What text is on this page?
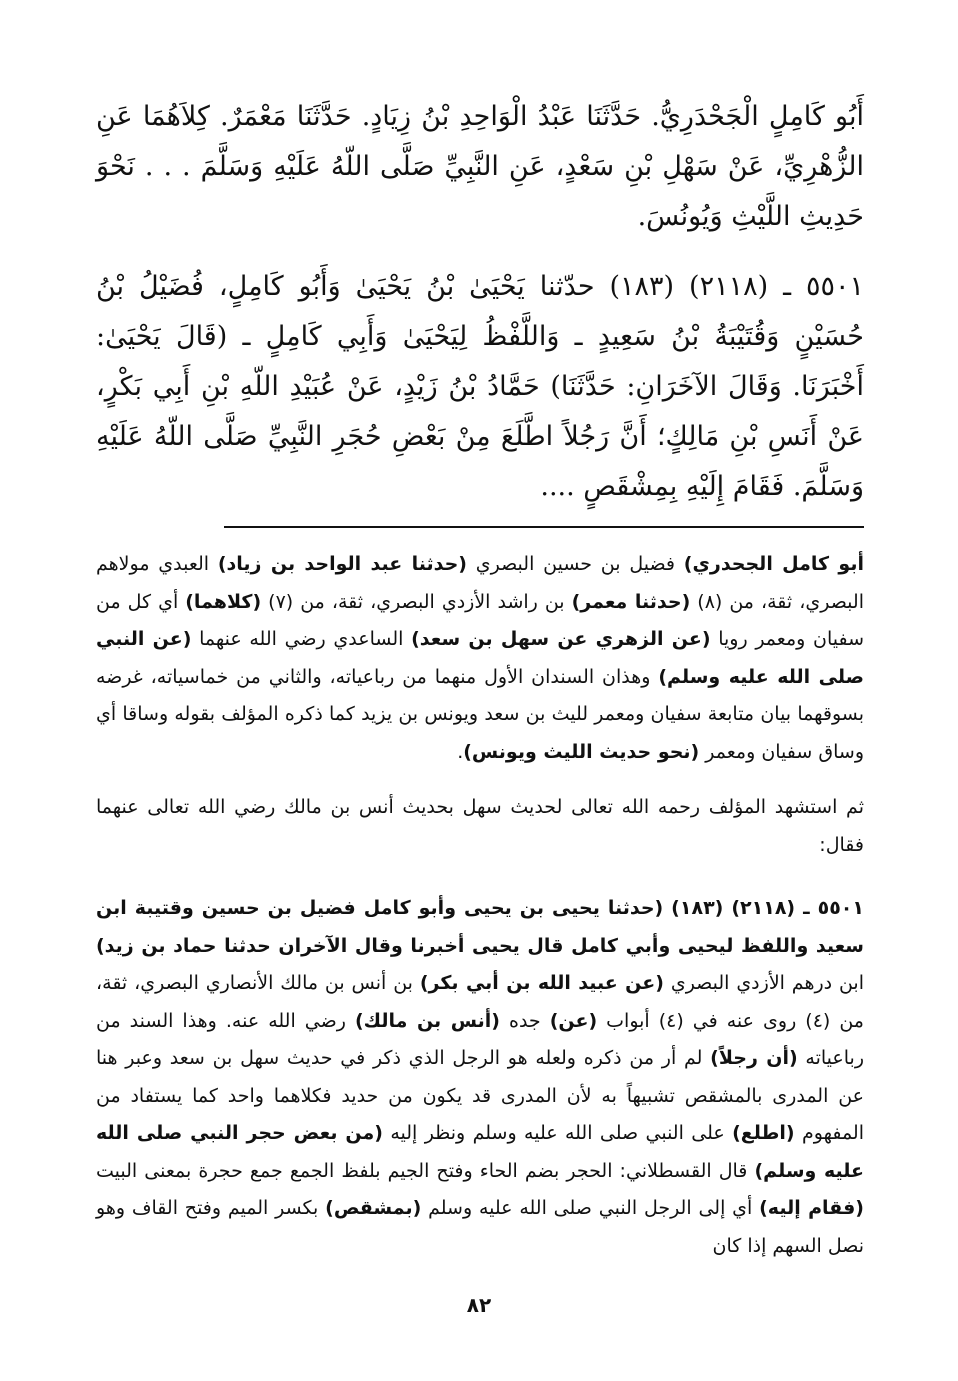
أَبُو كَامِلٍ الْجَحْدَرِيُّ. حَدَّثَنَا عَبْدُ الْوَاحِدِ بْنُ زِيَادٍ. حَدَّثَنَا مَعْمَرٌ. كِلاَهُمَا عَنِ الزُّهْرِيِّ، عَنْ سَهْلِ بْنِ سَعْدٍ، عَنِ النَّبِيِّ صَلَّى اللّهُ عَلَيْهِ وَسَلَّمَ . . . نَحْوَ حَدِيثِ اللَّيْثِ وَيُونُسَ.

٥٥٠١ ـ (٢١١٨) (١٨٣) حدّثنا يَحْيَىٰ بْنُ يَحْيَىٰ وَأَبُو كَامِلٍ، فُضَيْلُ بْنُ حُسَيْنٍ وَقُتَيْبَةُ بْنُ سَعِيدٍ ـ وَاللَّفْظُ لِيَحْيَىٰ وَأَبِي كَامِلٍ ـ (قَالَ يَحْيَىٰ: أَخْبَرَنَا. وَقَالَ الآخَرَانِ: حَدَّثَنَا) حَمَّادُ بْنُ زَيْدٍ، عَنْ عُبَيْدِ اللّهِ بْنِ أَبِي بَكْرٍ، عَنْ أَنَسِ بْنِ مَالِكٍ؛ أَنَّ رَجُلاً اطَّلَعَ مِنْ بَعْضِ حُجَرِ النَّبِيِّ صَلَّى اللّهُ عَلَيْهِ وَسَلَّمَ. فَقَامَ إِلَيْهِ بِمِشْقَصٍ ....

أبو كامل الجحدري) فضيل بن حسين البصري (حدثنا عبد الواحد بن زياد) العبدي مولاهم البصري، ثقة، من (٨) (حدثنا معمر) بن راشد الأزدي البصري، ثقة، من (٧) (كلاهما) أي كل من سفيان ومعمر رويا (عن الزهري عن سهل بن سعد) الساعدي رضي الله عنهما (عن النبي صلى الله عليه وسلم) وهذان السندان الأول منهما من رباعياته، والثاني من خماسياته، غرضه بسوقهما بيان متابعة سفيان ومعمر لليث بن سعد ويونس بن يزيد كما ذكره المؤلف بقوله وساقا أي وساق سفيان ومعمر (نحو حديث الليث ويونس).

ثم استشهد المؤلف رحمه الله تعالى لحديث سهل بحديث أنس بن مالك رضي الله تعالى عنهما فقال:

٥٥٠١ ـ (٢١١٨) (١٨٣) (حدثنا يحيى بن يحيى وأبو كامل فضيل بن حسين وقتيبة ابن سعيد واللفظ ليحيى وأبي كامل قال يحيى أخبرنا وقال الآخران حدثنا حماد بن زيد) ابن درهم الأزدي البصري (عن عبيد الله بن أبي بكر) بن أنس بن مالك الأنصاري البصري، ثقة، من (٤) روى عنه في (٤) أبواب (عن) جده (أنس بن مالك) رضي الله عنه. وهذا السند من رباعياته (أن رجلاً) لم أر من ذكره ولعله هو الرجل الذي ذكر في حديث سهل بن سعد وعبر هنا عن المدرى بالمشقص تشبيهاً به لأن المدرى قد يكون من حديد فكلاهما واحد كما يستفاد من المفهوم (اطلع) على النبي صلى الله عليه وسلم ونظر إليه (من بعض حجر النبي صلى الله عليه وسلم) قال القسطلاني: الحجر بضم الحاء وفتح الجيم بلفظ الجمع جمع حجرة بمعنى البيت (فقام إليه) أي إلى الرجل النبي صلى الله عليه وسلم (بمشقص) بكسر الميم وفتح القاف وهو نصل السهم إذا كان

٨٢
